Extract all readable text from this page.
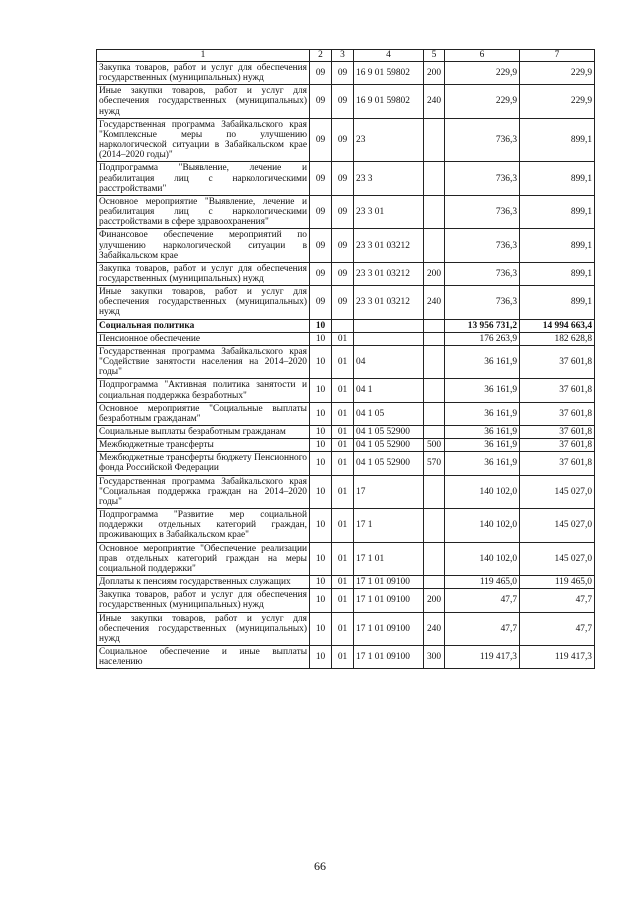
1	2	3	4	5	6	7
Закупка товаров, работ и услуг для обеспечения государственных (муниципальных) нужд	09	09	16 9 01 59802	200	229,9	229,9
Иные закупки товаров, работ и услуг для обеспечения государственных (муниципальных) нужд	09	09	16 9 01 59802	240	229,9	229,9
Государственная программа Забайкальского края "Комплексные меры по улучшению наркологической ситуации в Забайкальском крае (2014–2020 годы)"	09	09	23		736,3	899,1
Подпрограмма "Выявление, лечение и реабилитация лиц с наркологическими расстройствами"	09	09	23 3		736,3	899,1
Основное мероприятие "Выявление, лечение и реабилитация лиц с наркологическими расстройствами в сфере здравоохранения"	09	09	23 3 01		736,3	899,1
Финансовое обеспечение мероприятий по улучшению наркологической ситуации в Забайкальском крае	09	09	23 3 01 03212		736,3	899,1
Закупка товаров, работ и услуг для обеспечения государственных (муниципальных) нужд	09	09	23 3 01 03212	200	736,3	899,1
Иные закупки товаров, работ и услуг для обеспечения государственных (муниципальных) нужд	09	09	23 3 01 03212	240	736,3	899,1
Социальная политика	10				13 956 731,2	14 994 663,4
Пенсионное обеспечение	10	01			176 263,9	182 628,8
Государственная программа Забайкальского края "Содействие занятости населения на 2014–2020 годы"	10	01	04		36 161,9	37 601,8
Подпрограмма "Активная политика занятости и социальная поддержка безработных"	10	01	04 1		36 161,9	37 601,8
Основное мероприятие "Социальные выплаты безработным гражданам"	10	01	04 1 05		36 161,9	37 601,8
Социальные выплаты безработным гражданам	10	01	04 1 05 52900		36 161,9	37 601,8
Межбюджетные трансферты	10	01	04 1 05 52900	500	36 161,9	37 601,8
Межбюджетные трансферты бюджету Пенсионного фонда Российской Федерации	10	01	04 1 05 52900	570	36 161,9	37 601,8
Государственная программа Забайкальского края "Социальная поддержка граждан на 2014–2020 годы"	10	01	17		140 102,0	145 027,0
Подпрограмма "Развитие мер социальной поддержки отдельных категорий граждан, проживающих в Забайкальском крае"	10	01	17 1		140 102,0	145 027,0
Основное мероприятие "Обеспечение реализации прав отдельных категорий граждан на меры социальной поддержки"	10	01	17 1 01		140 102,0	145 027,0
Доплаты к пенсиям государственных служащих	10	01	17 1 01 09100		119 465,0	119 465,0
Закупка товаров, работ и услуг для обеспечения государственных (муниципальных) нужд	10	01	17 1 01 09100	200	47,7	47,7
Иные закупки товаров, работ и услуг для обеспечения государственных (муниципальных) нужд	10	01	17 1 01 09100	240	47,7	47,7
Социальное обеспечение и иные выплаты населению	10	01	17 1 01 09100	300	119 417,3	119 417,3
66
